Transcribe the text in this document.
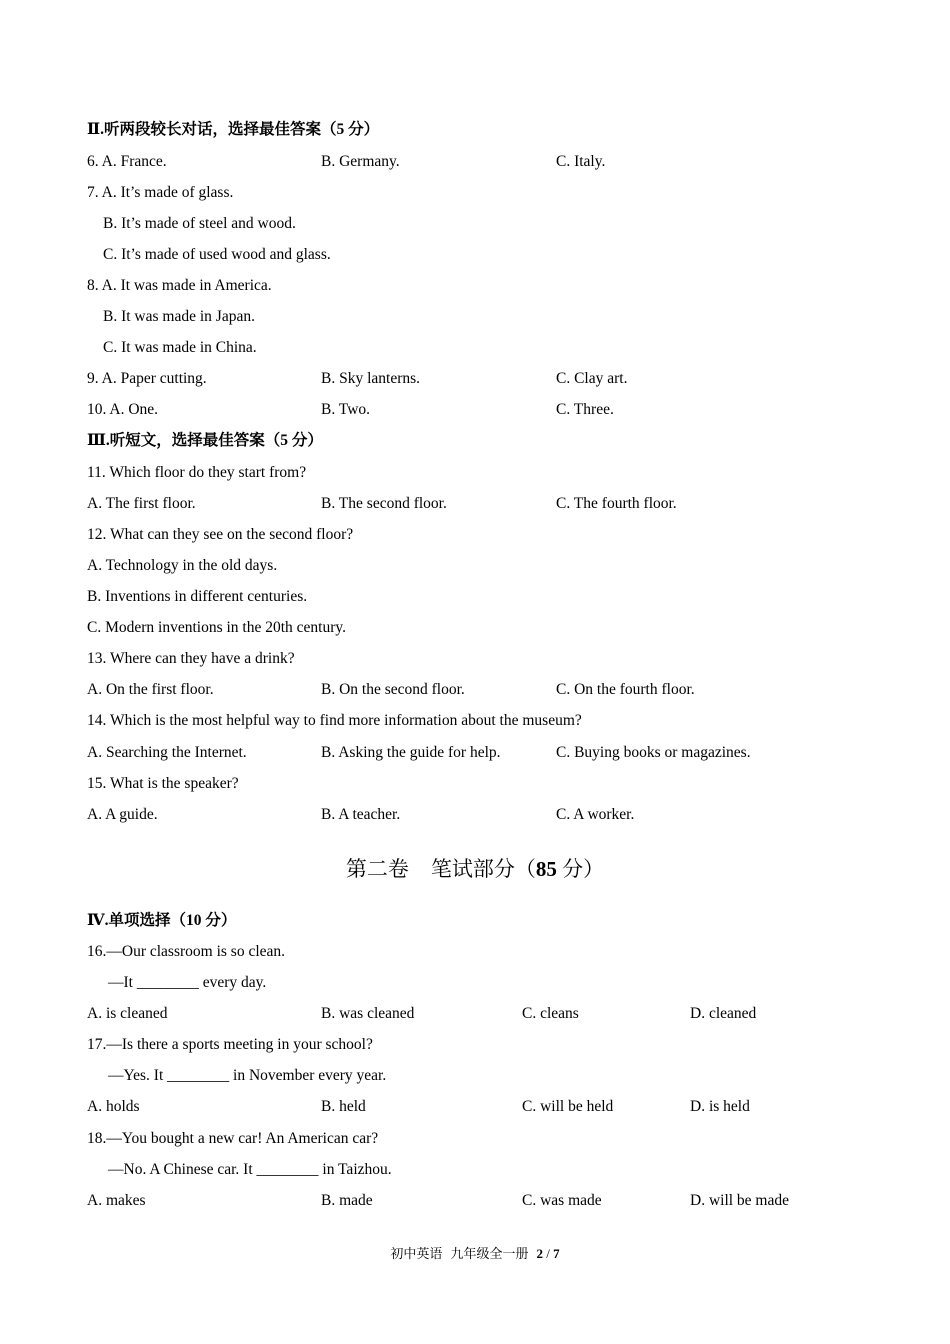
Ⅱ.听两段较长对话，选择最佳答案（5 分）
6. A. France.	B. Germany.	C. Italy.
7. A. It’s made of glass.
B. It’s made of steel and wood.
C. It’s made of used wood and glass.
8. A. It was made in America.
B. It was made in Japan.
C. It was made in China.
9. A. Paper cutting.	B. Sky lanterns.	C. Clay art.
10. A. One.	B. Two.	C. Three.
Ⅲ.听短文，选择最佳答案（5 分）
11. Which floor do they start from?
A. The first floor.	B. The second floor.	C. The fourth floor.
12. What can they see on the second floor?
A. Technology in the old days.
B. Inventions in different centuries.
C. Modern inventions in the 20th century.
13. Where can they have a drink?
A. On the first floor.	B. On the second floor.	C. On the fourth floor.
14. Which is the most helpful way to find more information about the museum?
A. Searching the Internet.	B. Asking the guide for help.	C. Buying books or magazines.
15. What is the speaker?
A. A guide.	B. A teacher.	C. A worker.
第二卷 笔试部分（85 分）
Ⅳ.单项选择（10 分）
16.—Our classroom is so clean.
—It ________ every day.
A. is cleaned	B. was cleaned	C. cleans	D. cleaned
17.—Is there a sports meeting in your school?
—Yes. It ________ in November every year.
A. holds	B. held	C. will be held	D. is held
18.—You bought a new car! An American car?
—No. A Chinese car. It ________ in Taizhou.
A. makes	B. made	C. was made	D. will be made
初中英语 九年级全一册 2 / 7
